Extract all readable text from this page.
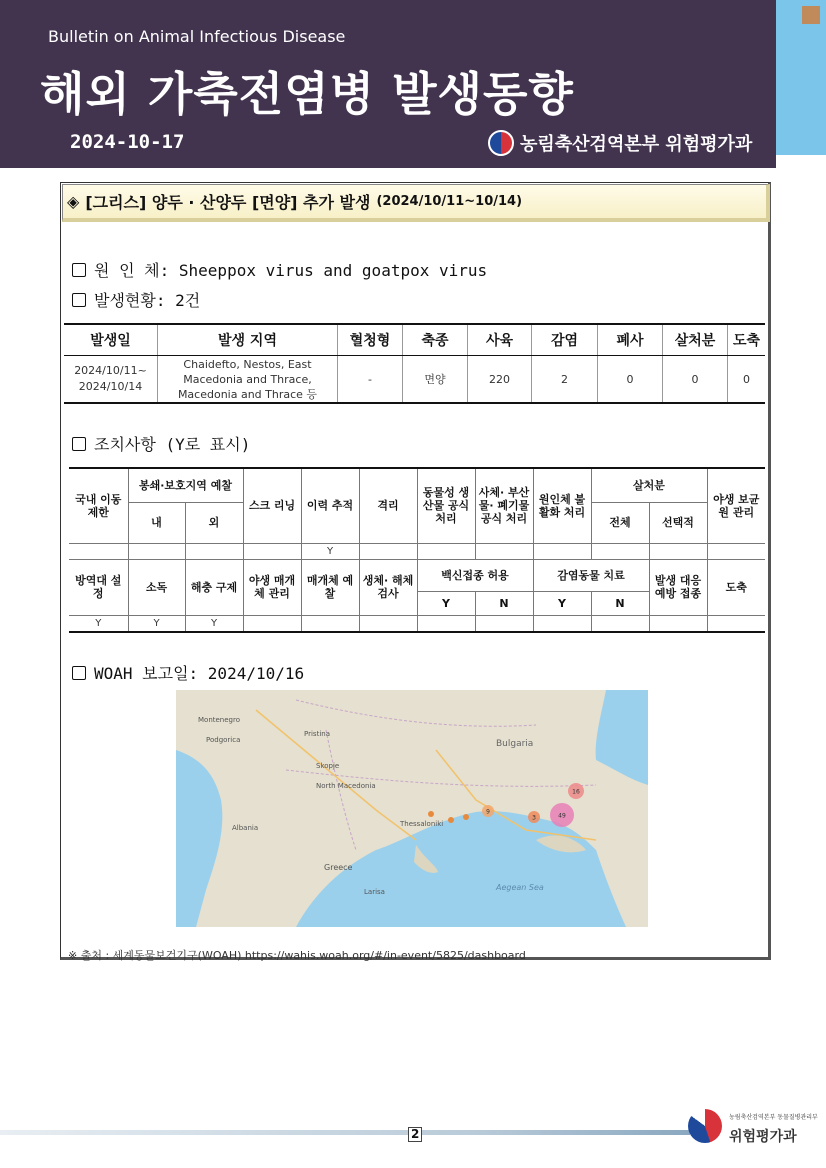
Bulletin on Animal Infectious Disease
해외 가축전염병 발생동향
2024-10-17	농림축산검역본부 위험평가과
◈ [그리스] 양두 · 산양두 [면양] 추가 발생 (2024/10/11~10/14)
원 인 체: Sheeppox virus and goatpox virus
발생현황: 2건
발생일	발생 지역	혈청형	축종	사육	감염	폐사	살처분	도축
2024/10/11~ 2024/10/14	Chaidefto, Nestos, East Macedonia and Thrace, Macedonia and Thrace 등	-	면양	220	2	0	0	0
조치사항 (Y로 표시)
국내 이동 제한	봉쇄·보호지역 예찰		스크 리닝	이력 추적	격리	동물성 생산물 공식 처리	사체· 부산물· 폐기물 공식 처리	원인체 불활화 처리	살처분		야생 보균원 관리
	내	외							전체	선택적	
				Y							
방역대 설정	소독	해충 구제	야생 매개체 관리	매개체 예찰	생체· 해체 검사	백신접종 허용		감염동물 치료		발생 대응 예방 접종	도축
						Y	N	Y	N		
Y	Y	Y									
WOAH 보고일: 2024/10/16
Montenegro
Podgorica
Pristina
Skopje
North Macedonia
Albania
Greece
Bulgaria
Thessaloniki
Aegean Sea
Larisa
49
16
3
9
※ 출처 : 세계동물보건기구(WOAH) https://wahis.woah.org/#/in-event/5825/dashboard
2
농림축산검역본부 동물질병관리부
위험평가과
